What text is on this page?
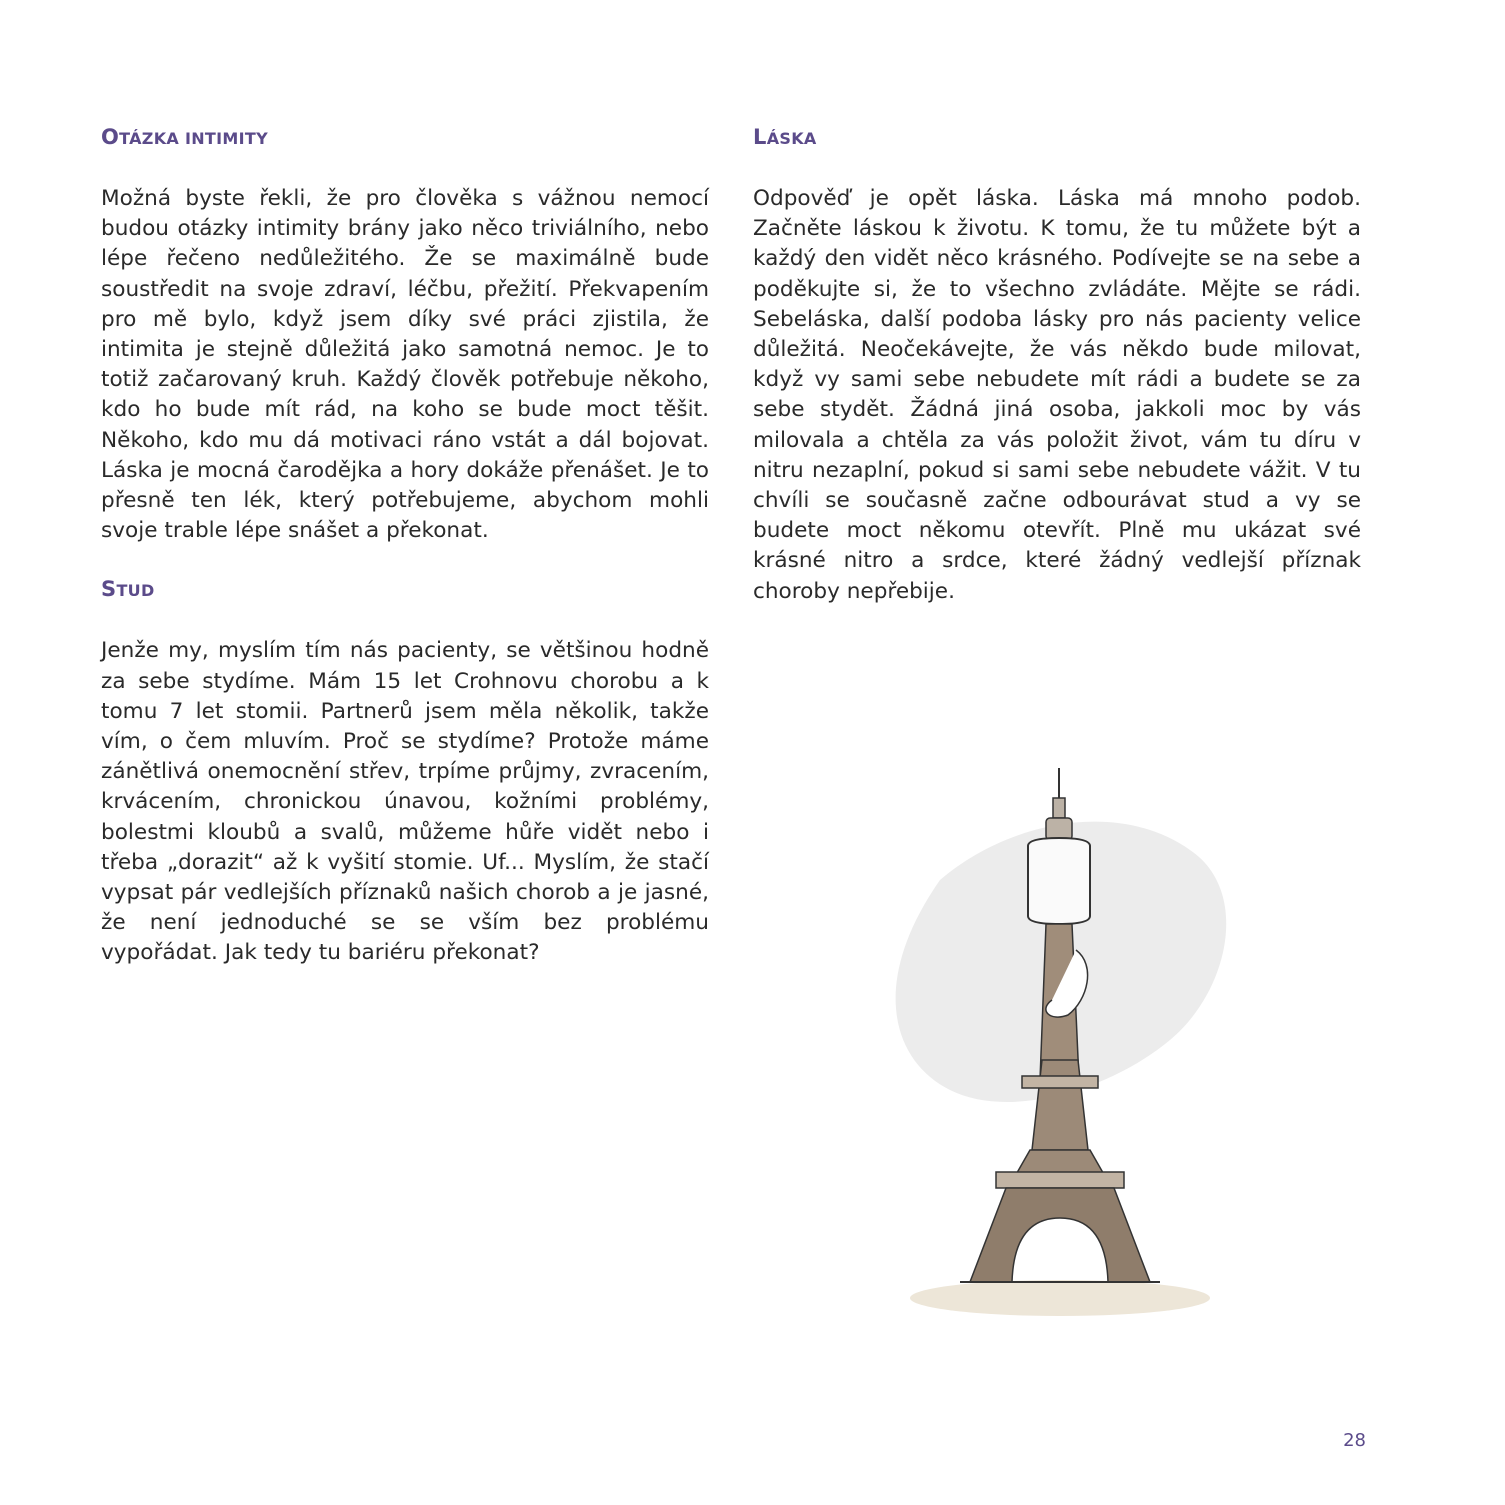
OTÁZKA INTIMITY

Možná byste řekli, že pro člověka s vážnou nemocí budou otázky intimity brány jako něco triviálního, nebo lépe řečeno nedůležitého. Že se maximálně bude soustředit na svoje zdraví, léčbu, přežití. Překvapením pro mě bylo, když jsem díky své práci zjistila, že intimita je stejně důležitá jako samotná nemoc. Je to totiž začarovaný kruh. Každý člověk potřebuje někoho, kdo ho bude mít rád, na koho se bude moct těšit. Někoho, kdo mu dá motivaci ráno vstát a dál bojovat. Láska je mocná čarodějka a hory dokáže přenášet. Je to přesně ten lék, který potřebujeme, abychom mohli svoje trable lépe snášet a překonat.

STUD

Jenže my, myslím tím nás pacienty, se většinou hodně za sebe stydíme. Mám 15 let Crohnovu chorobu a k tomu 7 let stomii. Partnerů jsem měla několik, takže vím, o čem mluvím. Proč se stydíme? Protože máme zánětlivá onemocnění střev, trpíme průjmy, zvracením, krvácením, chronickou únavou, kožními problémy, bolestmi kloubů a svalů, můžeme hůře vidět nebo i třeba „dorazit“ až k vyšití stomie. Uf... Myslím, že stačí vypsat pár vedlejších příznaků našich chorob a je jasné, že není jednoduché se se vším bez problému vypořádat. Jak tedy tu bariéru překonat?

LÁSKA

Odpověď je opět láska. Láska má mnoho podob. Začněte láskou k životu. K tomu, že tu můžete být a každý den vidět něco krásného. Podívejte se na sebe a poděkujte si, že to všechno zvládáte. Mějte se rádi. Sebeláska, další podoba lásky pro nás pacienty velice důležitá. Neočekávejte, že vás někdo bude milovat, když vy sami sebe nebudete mít rádi a budete se za sebe stydět. Žádná jiná osoba, jakkoli moc by vás milovala a chtěla za vás položit život, vám tu díru v nitru nezaplní, pokud si sami sebe nebudete vážit. V tu chvíli se současně začne odbourávat stud a vy se budete moct někomu otevřít. Plně mu ukázat své krásné nitro a srdce, které žádný vedlejší příznak choroby nepřebije.

28
